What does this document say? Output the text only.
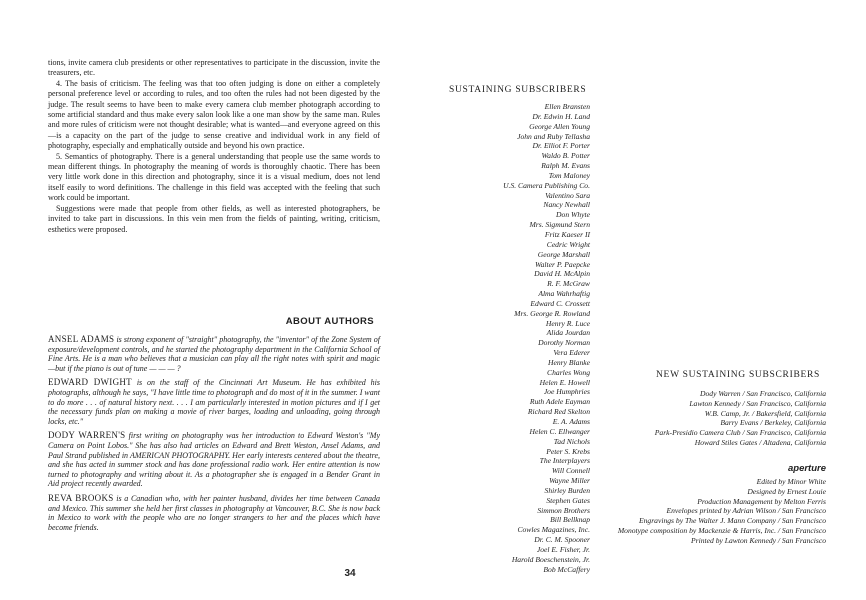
tions, invite camera club presidents or other representatives to participate in the discussion, invite the treasurers, etc.

4. The basis of criticism. The feeling was that too often judging is done on either a completely personal preference level or according to rules, and too often the rules had not been digested by the judge. The result seems to have been to make every camera club member photograph according to some artificial standard and thus make every salon look like a one man show by the same man. Rules and more rules of criticism were not thought desirable; what is wanted—and everyone agreed on this—is a capacity on the part of the judge to sense creative and individual work in any field of photography, especially and emphatically outside and beyond his own practice.

5. Semantics of photography. There is a general understanding that people use the same words to mean different things. In photography the meaning of words is thoroughly chaotic. There has been very little work done in this direction and photography, since it is a visual medium, does not lend itself easily to word definitions. The challenge in this field was accepted with the feeling that such work could be important.

Suggestions were made that people from other fields, as well as interested photographers, be invited to take part in discussions. In this vein men from the fields of painting, writing, criticism, esthetics were proposed.

ABOUT AUTHORS

ANSEL ADAMS is strong exponent of "straight" photography, the "inventor" of the Zone System of exposure/development controls, and he started the photography department in the California School of Fine Arts. He is a man who believes that a musician can play all the right notes with spirit and magic—but if the piano is out of tune — — — ?

EDWARD DWIGHT is on the staff of the Cincinnati Art Museum. He has exhibited his photographs, although he says, "I have little time to photograph and do most of it in the summer. I want to do more . . . of natural history next. . . . I am particularly interested in motion pictures and if I get the necessary funds plan on making a movie of river barges, loading and unloading, going through locks, etc."

DODY WARREN'S first writing on photography was her introduction to Edward Weston's "My Camera on Point Lobos." She has also had articles on Edward and Brett Weston, Ansel Adams, and Paul Strand published in AMERICAN PHOTOGRAPHY. Her early interests centered about the theatre, and she has acted in summer stock and has done professional radio work. Her entire attention is now turned to photography and writing about it. As a photographer she is engaged in a Bender Grant in Aid project recently awarded.

REVA BROOKS is a Canadian who, with her painter husband, divides her time between Canada and Mexico. This summer she held her first classes in photography at Vancouver, B.C. She is now back in Mexico to work with the people who are no longer strangers to her and the places which have become friends.

34
SUSTAINING SUBSCRIBERS
Ellen Bransten
Dr. Edwin H. Land
George Allen Young
John and Ruby Tellasha
Dr. Elliot F. Porter
Waldo B. Potter
Ralph M. Evans
Tom Maloney
U.S. Camera Publishing Co.
Valentino Sara
Nancy Newhall
Don Whyte
Mrs. Sigmund Stern
Fritz Kaeser II
Cedric Wright
George Marshall
Walter P. Paepcke
David H. McAlpin
R. F. McGraw
Alma Wahrhaftig
Edward C. Crossett
Mrs. George R. Rowland
Henry R. Luce
Alida Jourdan
Dorothy Norman
Vera Ederer
Henry Blanke
Charles Wong
Helen E. Howell
Joe Humphries
Ruth Adele Eayman
Richard Red Skelton
E. A. Adams
Helen C. Ellwanger
Tad Nichols
Peter S. Krebs
The Interplayers
Will Connell
Wayne Miller
Shirley Burden
Stephen Gates
Simmon Brothers
Bill Bellknap
Cowles Magazines, Inc.
Dr. C. M. Spooner
Joel E. Fisher, Jr.
Harold Boeschenstein, Jr.
Bob McCaffery
NEW SUSTAINING SUBSCRIBERS
Dody Warren / San Francisco, California
Lawton Kennedy / San Francisco, California
W.B. Camp, Jr. / Bakersfield, California
Barry Evans / Berkeley, California
Park-Presidio Camera Club / San Francisco, California
Howard Stiles Gates / Altadena, California
aperture
Edited by Minor White
Designed by Ernest Louie
Production Management by Melton Ferris
Envelopes printed by Adrian Wilson / San Francisco
Engravings by The Walter J. Mann Company / San Francisco
Monotype composition by Mackenzie & Harris, Inc. / San Francisco
Printed by Lawton Kennedy / San Francisco
